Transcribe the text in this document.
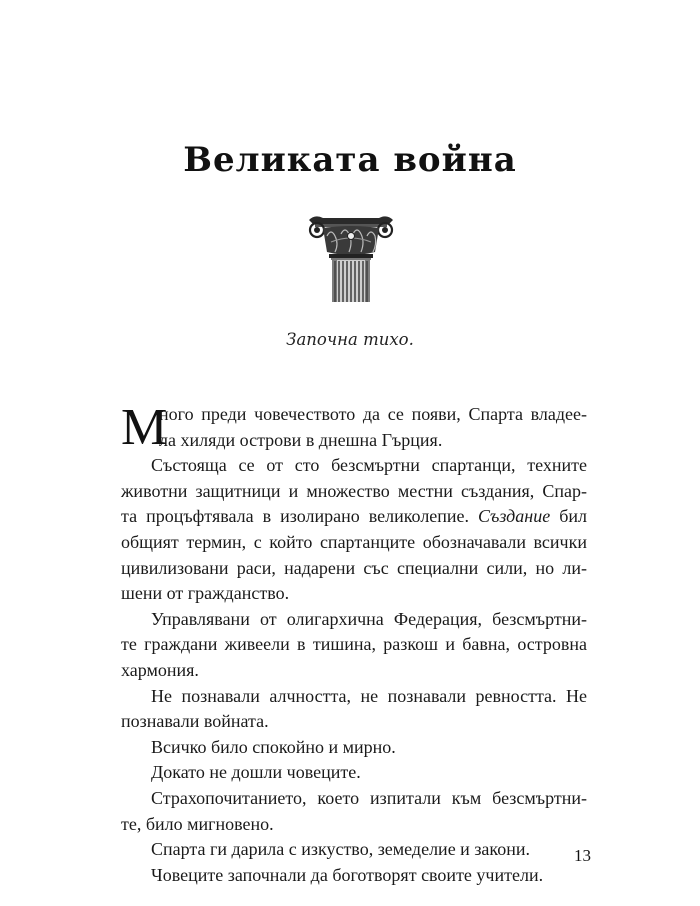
Великата война
Започна тихо.
М
ного преди човечеството да се появи, Спарта владее-
ла хиляди острови в днешна Гърция.
Състояща се от сто безсмъртни спартанци, техните
животни защитници и множество местни създания, Спар-
та процъфтявала в изолирано великолепие. Създание бил
общият термин, с който спартанците обозначавали всички
цивилизовани раси, надарени със специални сили, но ли-
шени от гражданство.
Управлявани от олигархична Федерация, безсмъртни-
те граждани живеели в тишина, разкош и бавна, островна
хармония.
Не познавали алчността, не познавали ревността. Не
познавали войната.
Всичко било спокойно и мирно.
Докато не дошли човеците.
Страхопочитанието, което изпитали към безсмъртни-
те, било мигновено.
Спарта ги дарила с изкуство, земеделие и закони.
Човеците започнали да боготворят своите учители.
13
